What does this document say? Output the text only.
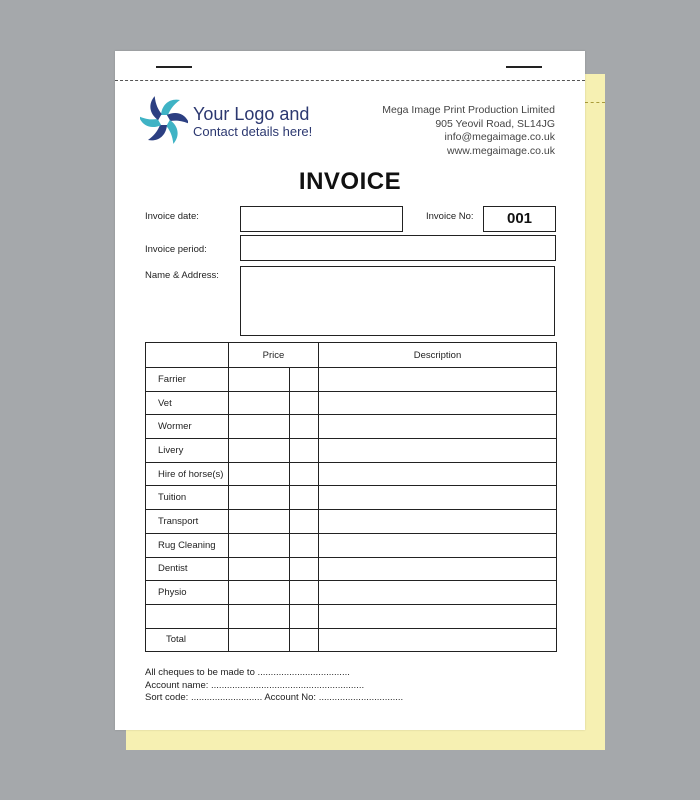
Your Logo and
Contact details here!
Mega Image Print Production Limited
905 Yeovil Road, SL14JG
info@megaimage.co.uk
www.megaimage.co.uk
INVOICE
Invoice date:	Invoice No:	001
Invoice period:
Name & Address:
	Price		Description
Farrier			
Vet			
Wormer			
Livery			
Hire of horse(s)			
Tuition			
Transport			
Rug Cleaning			
Dentist			
Physio			

Total			
All cheques to be made to ...................................
Account name: ..........................................................
Sort code: ........................... Account No: ................................
